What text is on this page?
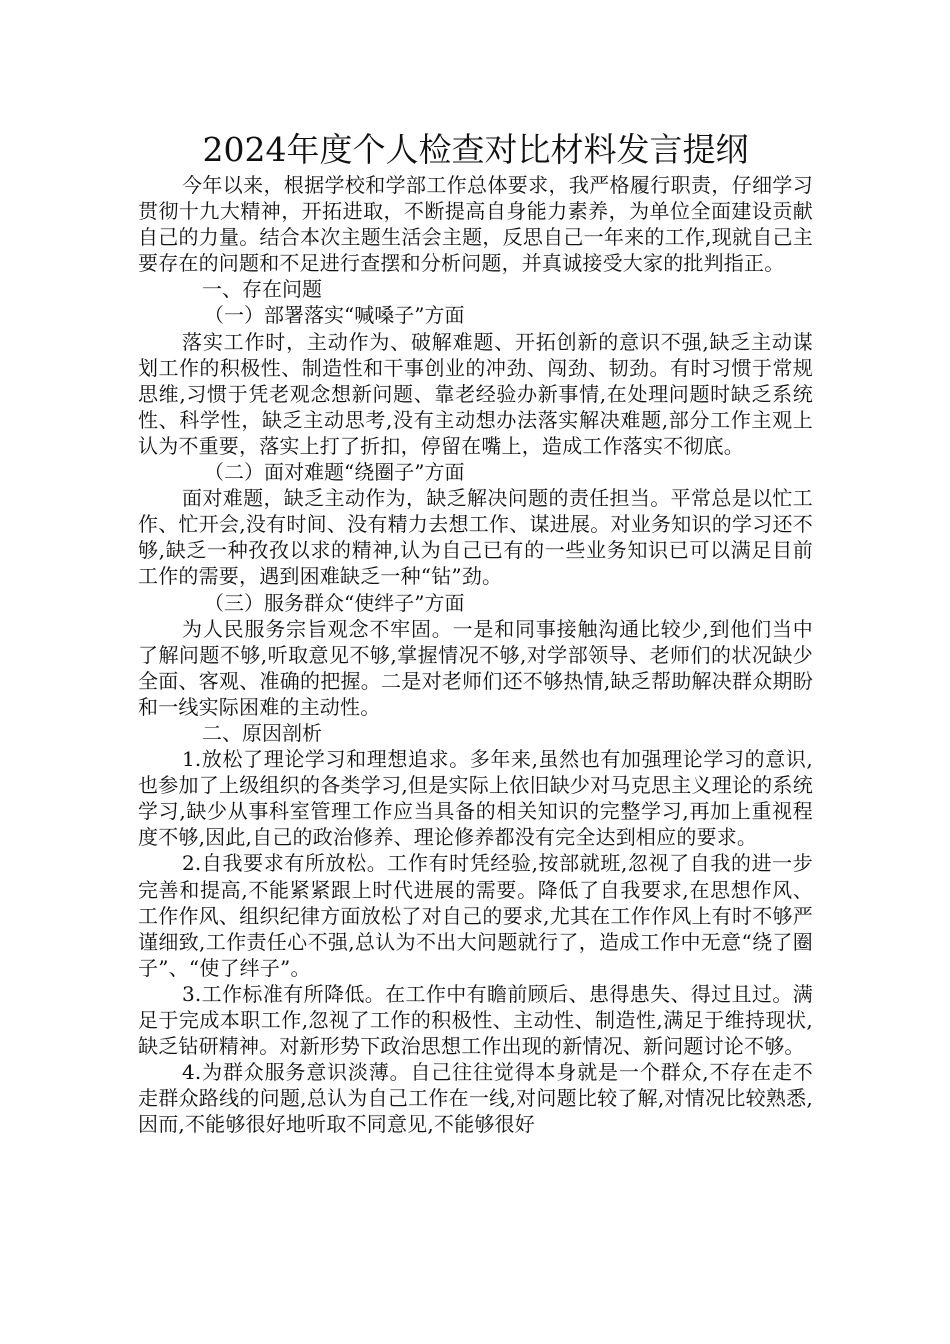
2024年度个人检查对比材料发言提纲

今年以来，根据学校和学部工作总体要求，我严格履行职责，仔细学习贯彻十九大精神，开拓进取，不断提高自身能力素养，为单位全面建设贡献自己的力量。结合本次主题生活会主题，反思自己一年来的工作,现就自己主要存在的问题和不足进行查摆和分析问题，并真诚接受大家的批判指正。

一、存在问题

（一）部署落实“喊嗓子”方面

落实工作时，主动作为、破解难题、开拓创新的意识不强,缺乏主动谋划工作的积极性、制造性和干事创业的冲劲、闯劲、韧劲。有时习惯于常规思维,习惯于凭老观念想新问题、靠老经验办新事情,在处理问题时缺乏系统性、科学性，缺乏主动思考,没有主动想办法落实解决难题,部分工作主观上认为不重要，落实上打了折扣，停留在嘴上，造成工作落实不彻底。

（二）面对难题“绕圈子”方面

面对难题，缺乏主动作为，缺乏解决问题的责任担当。平常总是以忙工作、忙开会,没有时间、没有精力去想工作、谋进展。对业务知识的学习还不够,缺乏一种孜孜以求的精神,认为自己已有的一些业务知识已可以满足目前工作的需要，遇到困难缺乏一种“钻”劲。

（三）服务群众“使绊子”方面

为人民服务宗旨观念不牢固。一是和同事接触沟通比较少,到他们当中了解问题不够,听取意见不够,掌握情况不够,对学部领导、老师们的状况缺少全面、客观、准确的把握。二是对老师们还不够热情,缺乏帮助解决群众期盼和一线实际困难的主动性。

二、原因剖析

1.放松了理论学习和理想追求。多年来,虽然也有加强理论学习的意识,也参加了上级组织的各类学习,但是实际上依旧缺少对马克思主义理论的系统学习,缺少从事科室管理工作应当具备的相关知识的完整学习,再加上重视程度不够,因此,自己的政治修养、理论修养都没有完全达到相应的要求。

2.自我要求有所放松。工作有时凭经验,按部就班,忽视了自我的进一步完善和提高,不能紧紧跟上时代进展的需要。降低了自我要求,在思想作风、工作作风、组织纪律方面放松了对自己的要求,尤其在工作作风上有时不够严谨细致,工作责任心不强,总认为不出大问题就行了，造成工作中无意“绕了圈子”、“使了绊子”。

3.工作标准有所降低。在工作中有瞻前顾后、患得患失、得过且过。满足于完成本职工作,忽视了工作的积极性、主动性、制造性,满足于维持现状,缺乏钻研精神。对新形势下政治思想工作出现的新情况、新问题讨论不够。

4.为群众服务意识淡薄。自己往往觉得本身就是一个群众,不存在走不走群众路线的问题,总认为自己工作在一线,对问题比较了解,对情况比较熟悉,因而,不能够很好地听取不同意见,不能够很好
